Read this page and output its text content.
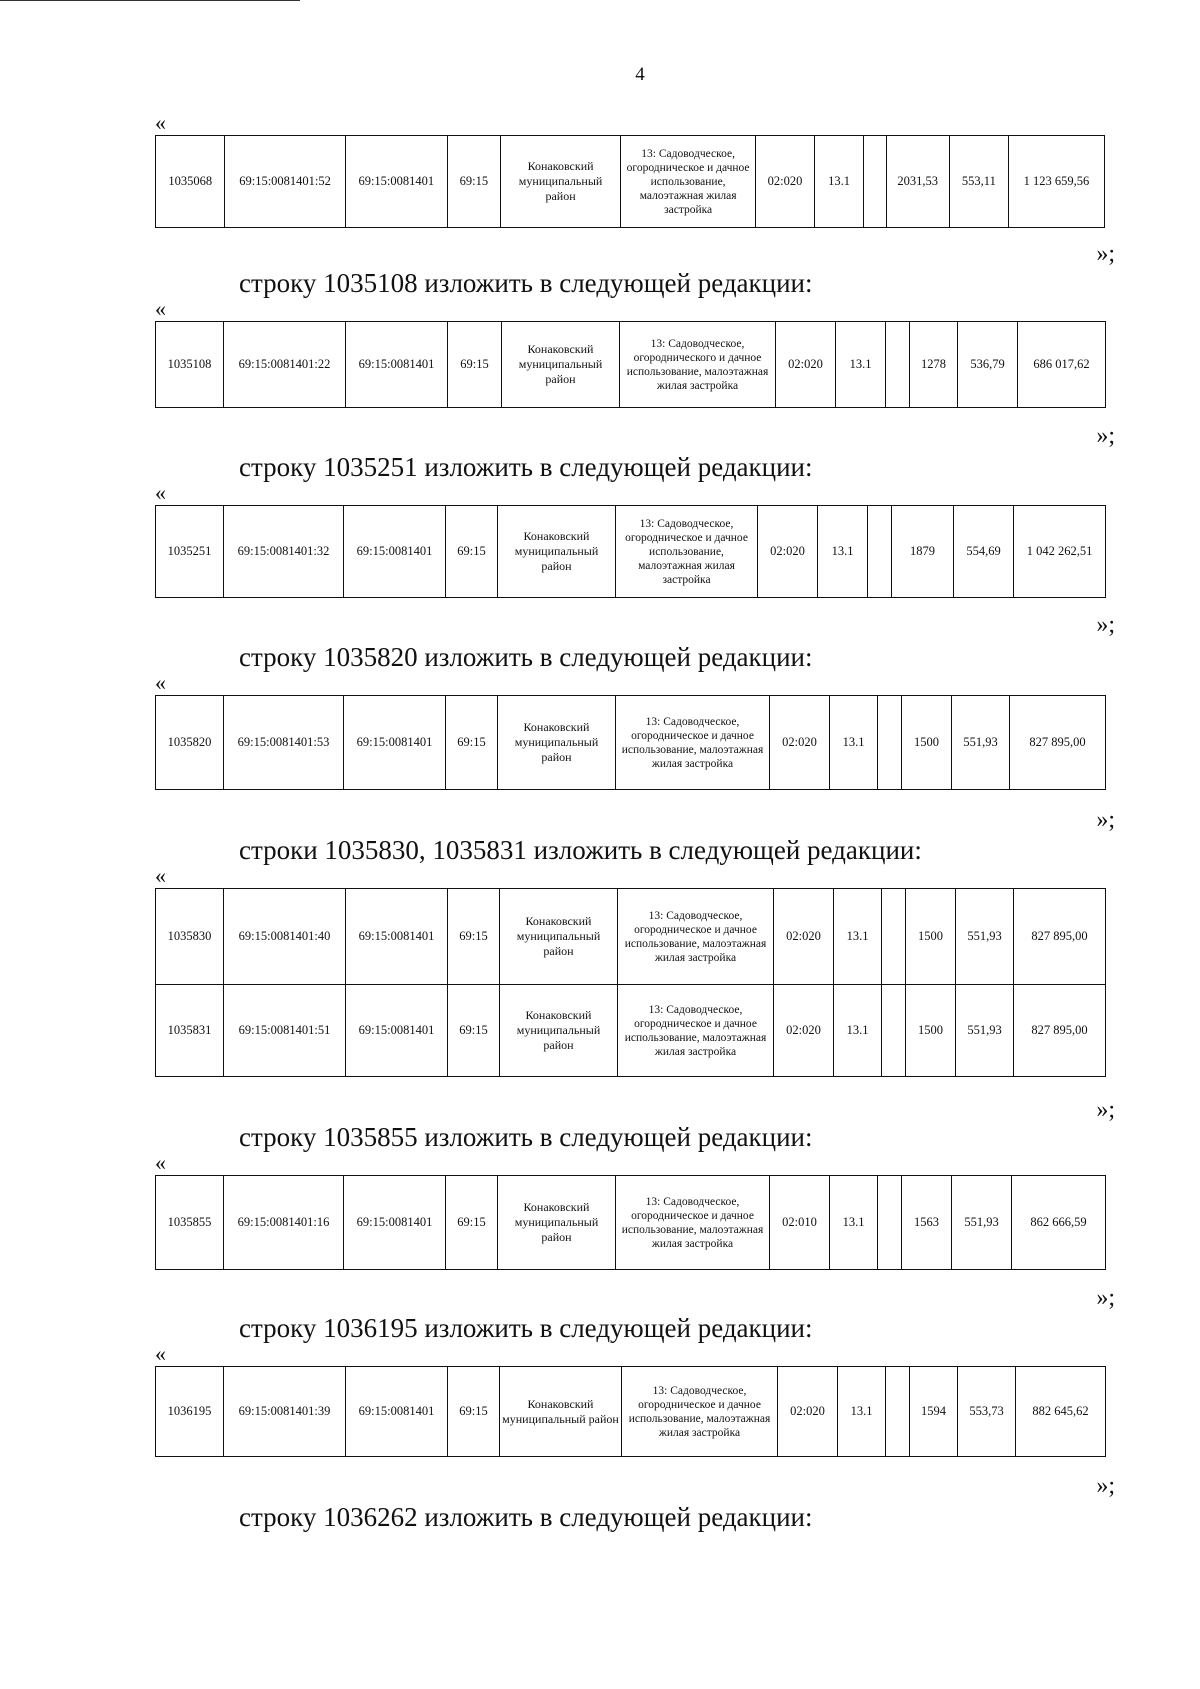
4
«
1035068	69:15:0081401:52	69:15:0081401	69:15	Конаковский муниципальный район	13: Садоводческое, огородническое и дачное использование, малоэтажная жилая застройка	02:020	13.1		2031,53	553,11	1 123 659,56
»;
строку 1035108 изложить в следующей редакции:
«
1035108	69:15:0081401:22	69:15:0081401	69:15	Конаковский муниципальный район	13: Садоводческое, огороднического и дачное использование, малоэтажная жилая застройка	02:020	13.1		1278	536,79	686 017,62
»;
строку 1035251 изложить в следующей редакции:
«
1035251	69:15:0081401:32	69:15:0081401	69:15	Конаковский муниципальный район	13: Садоводческое, огородническое и дачное использование, малоэтажная жилая застройка	02:020	13.1		1879	554,69	1 042 262,51
»;
строку 1035820 изложить в следующей редакции:
«
1035820	69:15:0081401:53	69:15:0081401	69:15	Конаковский муниципальный район	13: Садоводческое, огородническое и дачное использование, малоэтажная жилая застройка	02:020	13.1		1500	551,93	827 895,00
»;
строки 1035830, 1035831 изложить в следующей редакции:
«
1035830	69:15:0081401:40	69:15:0081401	69:15	Конаковский муниципальный район	13: Садоводческое, огородническое и дачное использование, малоэтажная жилая застройка	02:020	13.1		1500	551,93	827 895,00
1035831	69:15:0081401:51	69:15:0081401	69:15	Конаковский муниципальный район	13: Садоводческое, огородническое и дачное использование, малоэтажная жилая застройка	02:020	13.1		1500	551,93	827 895,00
»;
строку 1035855 изложить в следующей редакции:
«
1035855	69:15:0081401:16	69:15:0081401	69:15	Конаковский муниципальный район	13: Садоводческое, огородническое и дачное использование, малоэтажная жилая застройка	02:010	13.1		1563	551,93	862 666,59
»;
строку 1036195 изложить в следующей редакции:
«
1036195	69:15:0081401:39	69:15:0081401	69:15	Конаковский муниципальный район	13: Садоводческое, огородническое и дачное использование, малоэтажная жилая застройка	02:020	13.1		1594	553,73	882 645,62
»;
строку 1036262 изложить в следующей редакции:
